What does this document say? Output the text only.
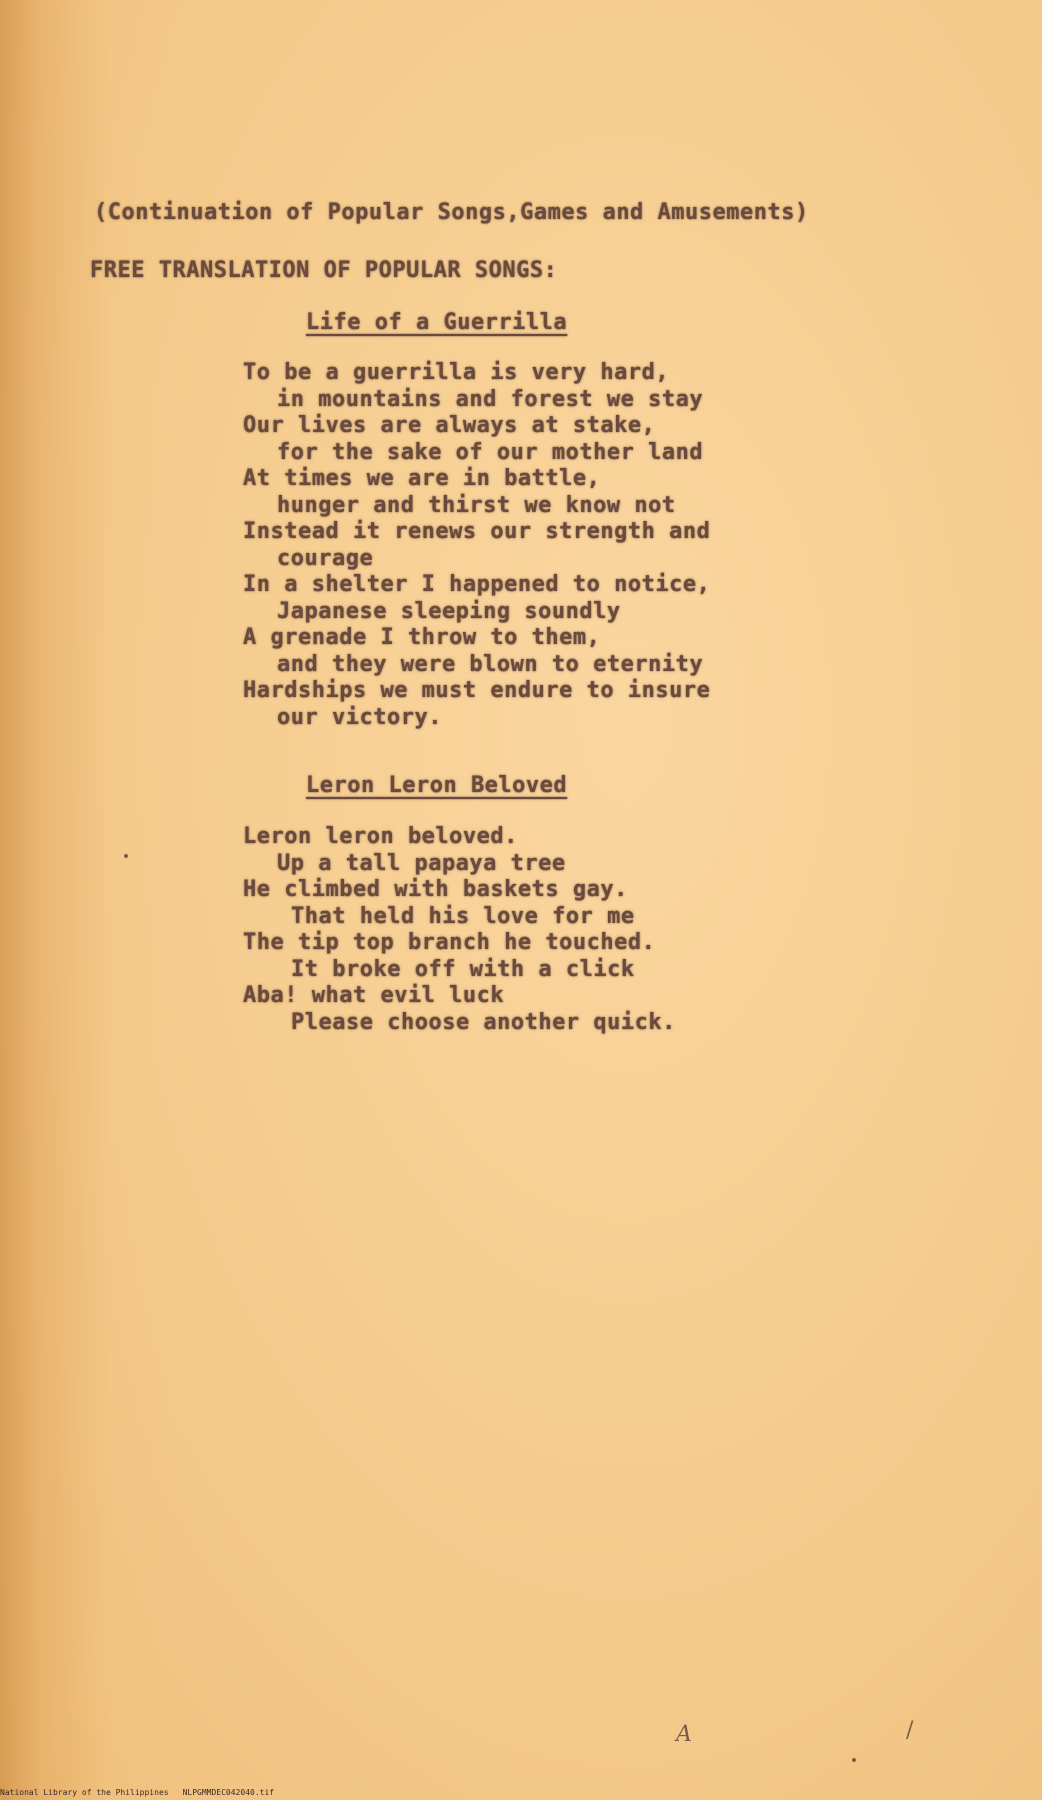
(Continuation of Popular Songs,Games and Amusements)
FREE TRANSLATION OF POPULAR SONGS:
Life of a Guerrilla
To be a guerrilla is very hard,
in mountains and forest we stay
Our lives are always at stake,
for the sake of our mother land
At times we are in battle,
hunger and thirst we know not
Instead it renews our strength and
courage
In a shelter I happened to notice,
Japanese sleeping soundly
A grenade I throw to them,
and they were blown to eternity
Hardships we must endure to insure
our victory.
Leron Leron Beloved
Leron leron beloved.
Up a tall papaya tree
He climbed with baskets gay.
That held his love for me
The tip top branch he touched.
It broke off with a click
Aba! what evil luck
Please choose another quick.
A	/
National Library of the Philippines NLPGMMDEC042040.tif
